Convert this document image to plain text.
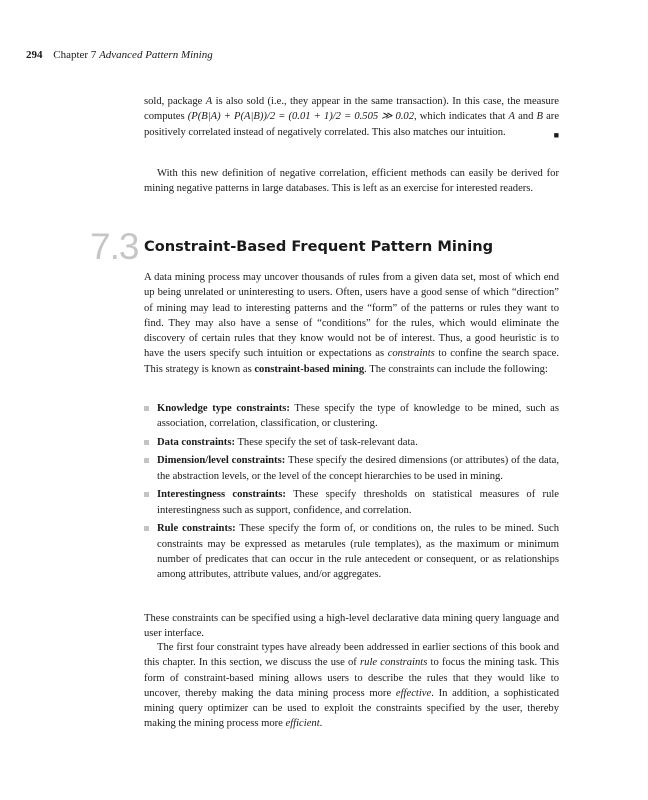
294 Chapter 7 Advanced Pattern Mining

sold, package A is also sold (i.e., they appear in the same transaction). In this case, the measure computes (P(B|A) + P(A|B))/2 = (0.01 + 1)/2 = 0.505 ≫ 0.02, which indicates that A and B are positively correlated instead of negatively correlated. This also matches our intuition.	■

With this new definition of negative correlation, efficient methods can easily be derived for mining negative patterns in large databases. This is left as an exercise for interested readers.

7.3 Constraint-Based Frequent Pattern Mining

A data mining process may uncover thousands of rules from a given data set, most of which end up being unrelated or uninteresting to users. Often, users have a good sense of which “direction” of mining may lead to interesting patterns and the “form” of the patterns or rules they want to find. They may also have a sense of “conditions” for the rules, which would eliminate the discovery of certain rules that they know would not be of interest. Thus, a good heuristic is to have the users specify such intuition or expectations as constraints to confine the search space. This strategy is known as constraint-based mining. The constraints can include the following:

Knowledge type constraints: These specify the type of knowledge to be mined, such as association, correlation, classification, or clustering.
Data constraints: These specify the set of task-relevant data.
Dimension/level constraints: These specify the desired dimensions (or attributes) of the data, the abstraction levels, or the level of the concept hierarchies to be used in mining.
Interestingness constraints: These specify thresholds on statistical measures of rule interestingness such as support, confidence, and correlation.
Rule constraints: These specify the form of, or conditions on, the rules to be mined. Such constraints may be expressed as metarules (rule templates), as the maximum or minimum number of predicates that can occur in the rule antecedent or consequent, or as relationships among attributes, attribute values, and/or aggregates.

These constraints can be specified using a high-level declarative data mining query language and user interface.

The first four constraint types have already been addressed in earlier sections of this book and this chapter. In this section, we discuss the use of rule constraints to focus the mining task. This form of constraint-based mining allows users to describe the rules that they would like to uncover, thereby making the data mining process more effective. In addition, a sophisticated mining query optimizer can be used to exploit the constraints specified by the user, thereby making the mining process more efficient.
